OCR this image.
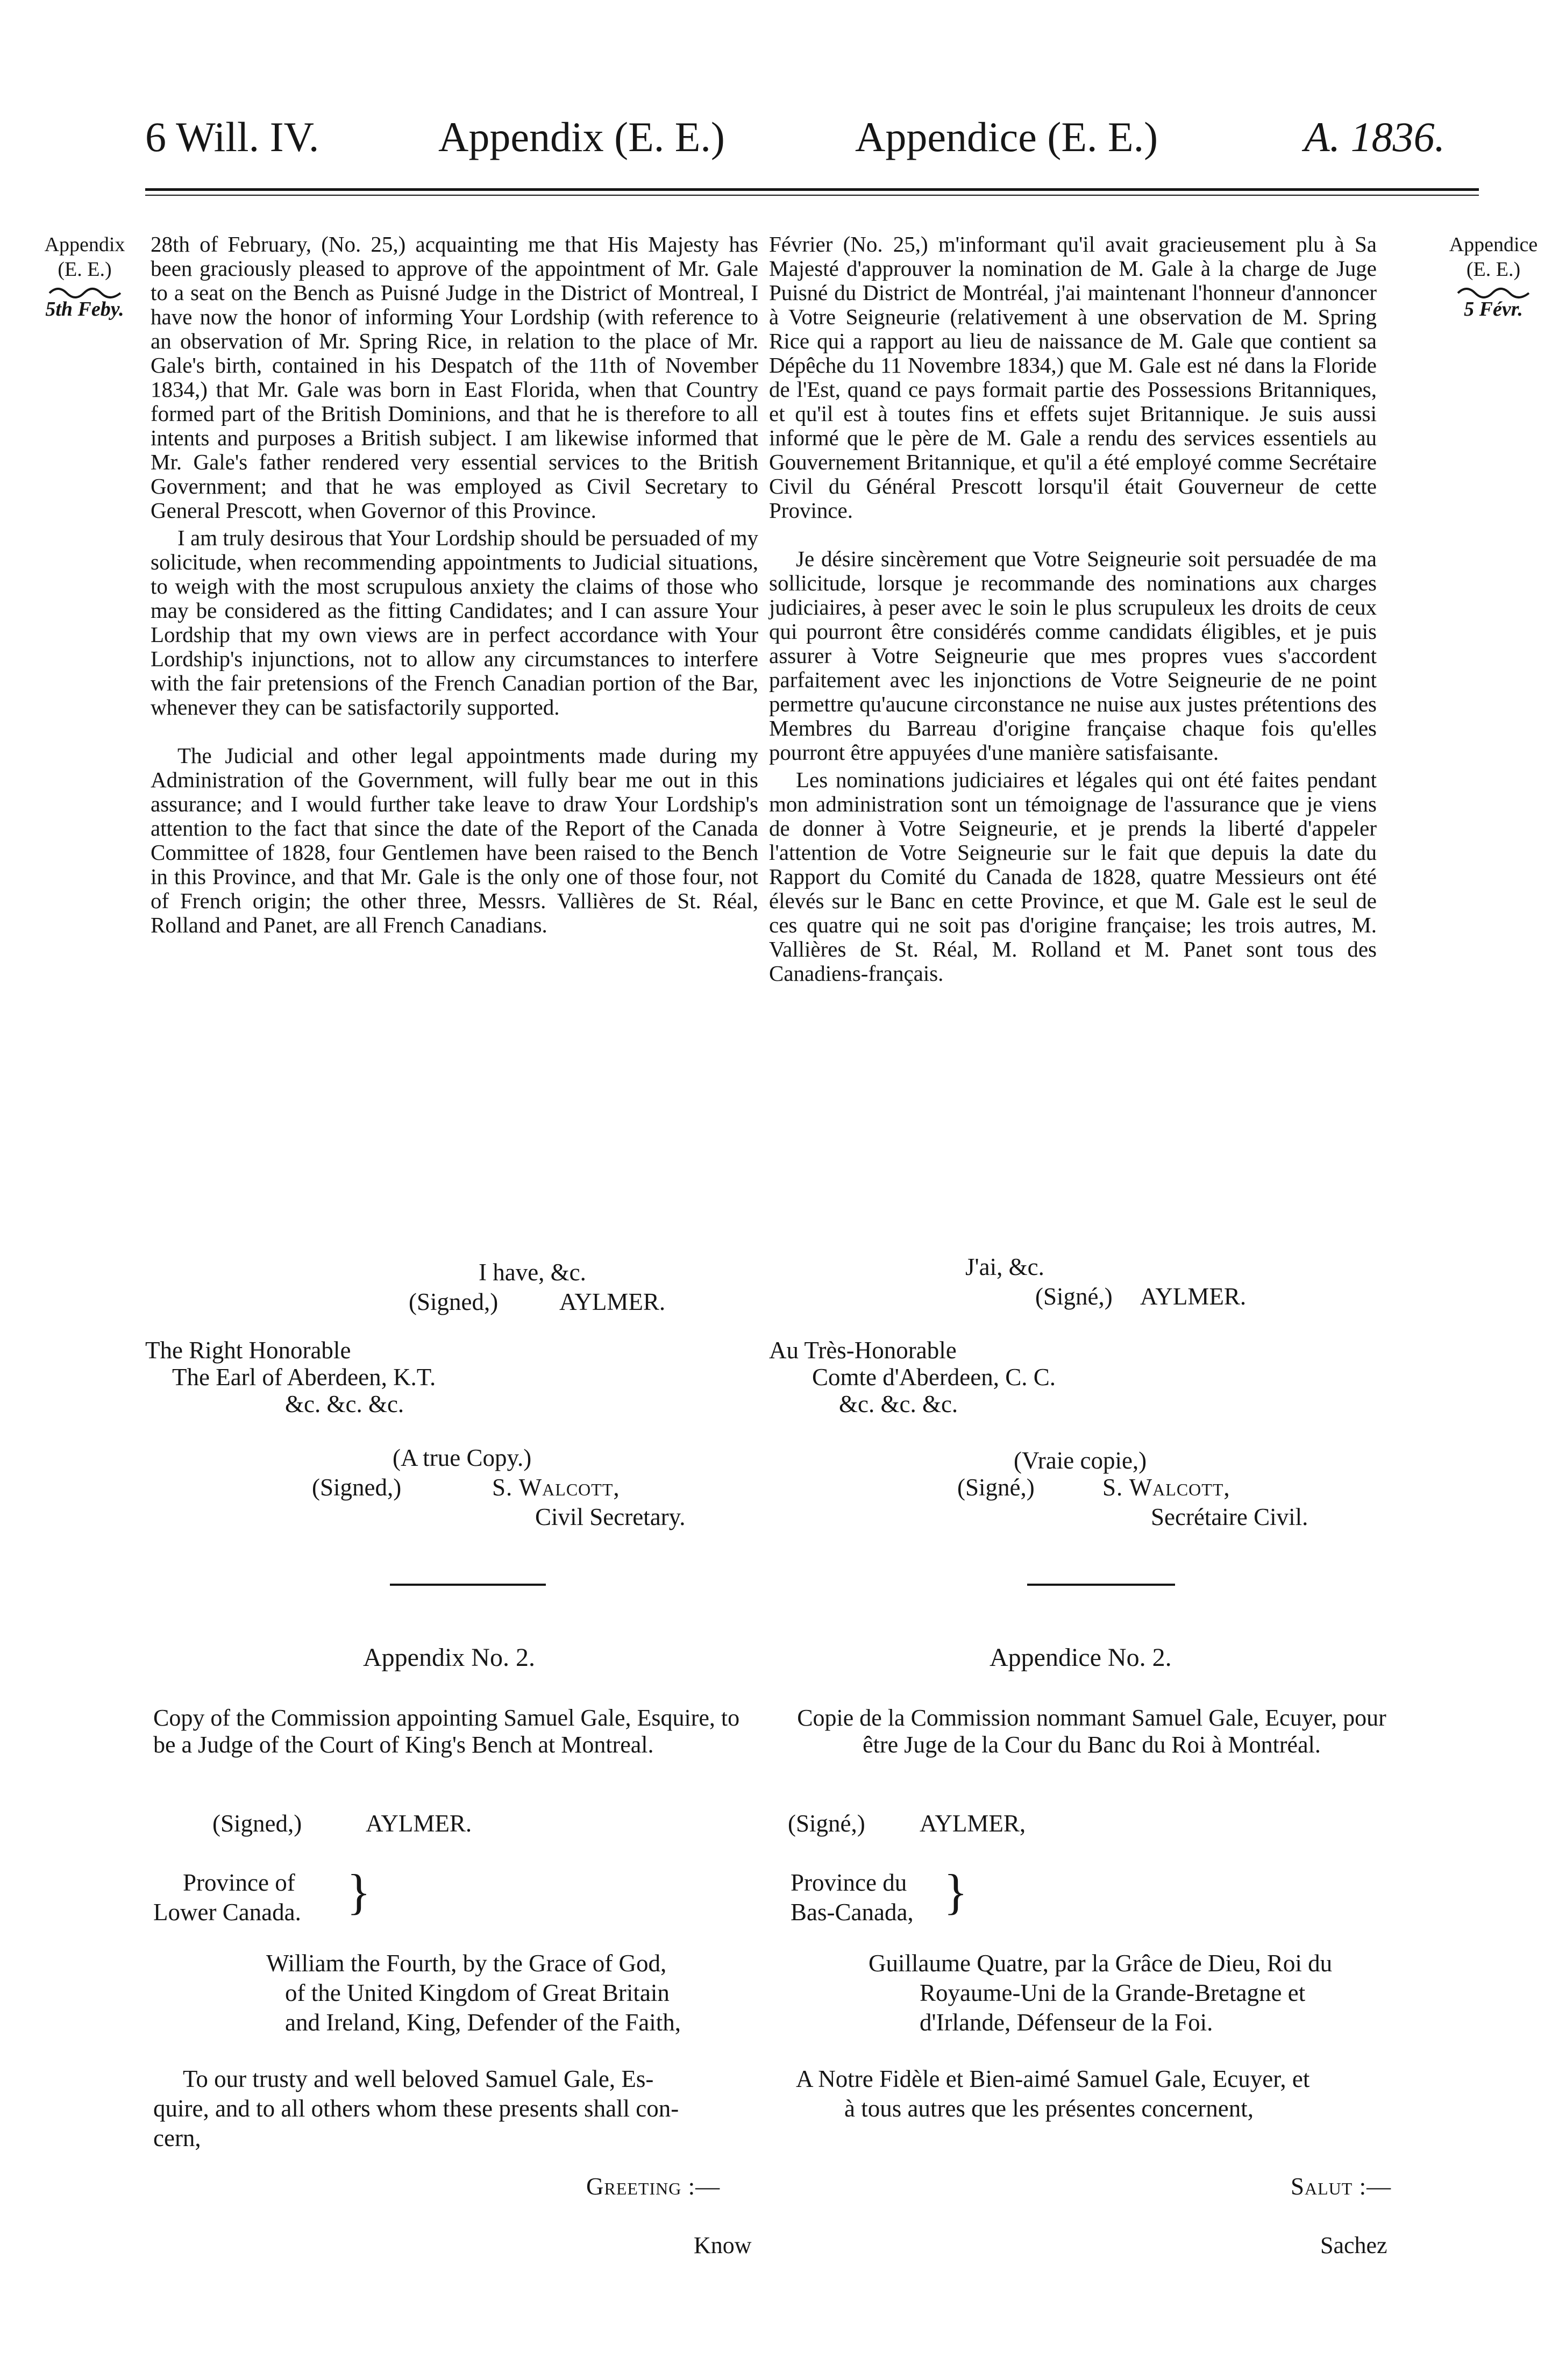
6 Will. IV.	Appendix (E. E.)	Appendice (E. E.)	A. 1836.
Appendix
(E. E.)
5th Feby.
Appendice
(E. E.)
5 Févr.

28th of February, (No. 25,) acquainting me that His Majesty has been graciously pleased to approve of the appointment of Mr. Gale to a seat on the Bench as Puisné Judge in the District of Montreal, I have now the honor of informing Your Lordship (with reference to an observation of Mr. Spring Rice, in relation to the place of Mr. Gale's birth, contained in his Despatch of the 11th of November 1834,) that Mr. Gale was born in East Florida, when that Country formed part of the British Dominions, and that he is therefore to all intents and purposes a British subject. I am likewise informed that Mr. Gale's father rendered very essential services to the British Government; and that he was employed as Civil Secretary to General Prescott, when Governor of this Province.

I am truly desirous that Your Lordship should be persuaded of my solicitude, when recommending appointments to Judicial situations, to weigh with the most scrupulous anxiety the claims of those who may be considered as the fitting Candidates; and I can assure Your Lordship that my own views are in perfect accordance with Your Lordship's injunctions, not to allow any circumstances to interfere with the fair pretensions of the French Canadian portion of the Bar, whenever they can be satisfactorily supported.

The Judicial and other legal appointments made during my Administration of the Government, will fully bear me out in this assurance; and I would further take leave to draw Your Lordship's attention to the fact that since the date of the Report of the Canada Committee of 1828, four Gentlemen have been raised to the Bench in this Province, and that Mr. Gale is the only one of those four, not of French origin; the other three, Messrs. Vallières de St. Réal, Rolland and Panet, are all French Canadians.

Février (No. 25,) m'informant qu'il avait gracieusement plu à Sa Majesté d'approuver la nomination de M. Gale à la charge de Juge Puisné du District de Montréal, j'ai maintenant l'honneur d'annoncer à Votre Seigneurie (relativement à une observation de M. Spring Rice qui a rapport au lieu de naissance de M. Gale que contient sa Dépêche du 11 Novembre 1834,) que M. Gale est né dans la Floride de l'Est, quand ce pays formait partie des Possessions Britanniques, et qu'il est à toutes fins et effets sujet Britannique. Je suis aussi informé que le père de M. Gale a rendu des services essentiels au Gouvernement Britannique, et qu'il a été employé comme Secrétaire Civil du Général Prescott lorsqu'il était Gouverneur de cette Province.

Je désire sincèrement que Votre Seigneurie soit persuadée de ma sollicitude, lorsque je recommande des nominations aux charges judiciaires, à peser avec le soin le plus scrupuleux les droits de ceux qui pourront être considérés comme candidats éligibles, et je puis assurer à Votre Seigneurie que mes propres vues s'accordent parfaitement avec les injonctions de Votre Seigneurie de ne point permettre qu'aucune circonstance ne nuise aux justes prétentions des Membres du Barreau d'origine française chaque fois qu'elles pourront être appuyées d'une manière satisfaisante.

Les nominations judiciaires et légales qui ont été faites pendant mon administration sont un témoignage de l'assurance que je viens de donner à Votre Seigneurie, et je prends la liberté d'appeler l'attention de Votre Seigneurie sur le fait que depuis la date du Rapport du Comité du Canada de 1828, quatre Messieurs ont été élevés sur le Banc en cette Province, et que M. Gale est le seul de ces quatre qui ne soit pas d'origine française; les trois autres, M. Vallières de St. Réal, M. Rolland et M. Panet sont tous des Canadiens-français.

I have, &c.
(Signed,)	AYLMER.
The Right Honorable
The Earl of Aberdeen, K.T.
&c. &c. &c.
(A true Copy.)
(Signed,)	S. Walcott,
Civil Secretary.
J'ai, &c.
(Signé,) AYLMER.
Au Très-Honorable
Comte d'Aberdeen, C. C.
&c. &c. &c.
(Vraie copie,)
(Signé,)	S. Walcott,
Secrétaire Civil.
Appendix No. 2.	Appendice No. 2.
Copy of the Commission appointing Samuel Gale, Esquire, to be a Judge of the Court of King's Bench at Montreal.
Copie de la Commission nommant Samuel Gale, Ecuyer, pour être Juge de la Cour du Banc du Roi à Montréal.
(Signed,)	AYLMER.	(Signé,) AYLMER,
Province of
Lower Canada. }	Province du
Bas-Canada, }
William the Fourth, by the Grace of God,
of the United Kingdom of Great Britain
and Ireland, King, Defender of the Faith,
Guillaume Quatre, par la Grâce de Dieu, Roi du
Royaume-Uni de la Grande-Bretagne et
d'Irlande, Défenseur de la Foi.
To our trusty and well beloved Samuel Gale, Es-
quire, and to all others whom these presents shall con-
cern,
A Notre Fidèle et Bien-aimé Samuel Gale, Ecuyer, et
à tous autres que les présentes concernent,
Greeting :—	Salut :—
Know	Sachez
